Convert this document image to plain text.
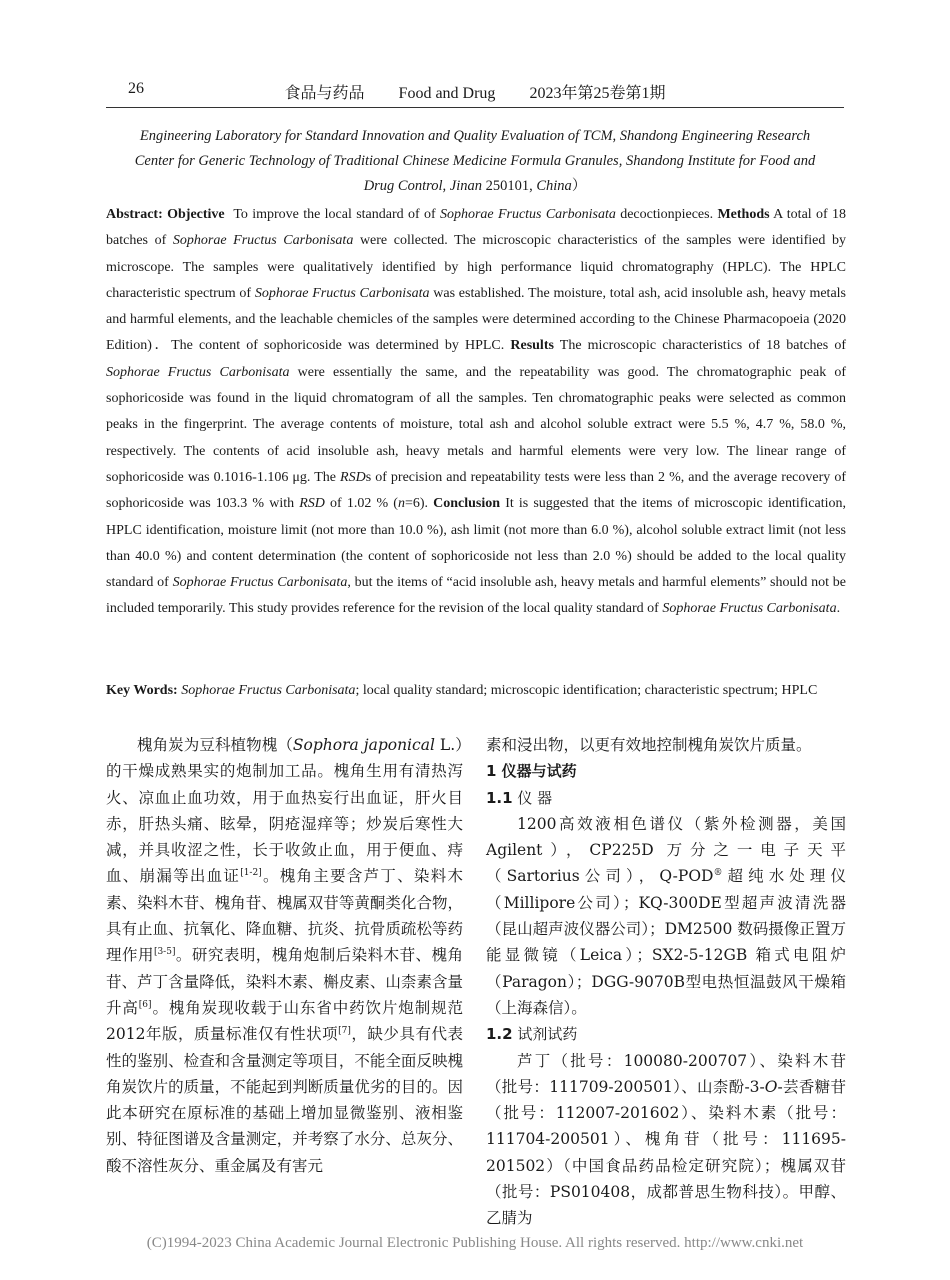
26	食品与药品 Food and Drug 2023年第25卷第1期
Engineering Laboratory for Standard Innovation and Quality Evaluation of TCM, Shandong Engineering Research
Center for Generic Technology of Traditional Chinese Medicine Formula Granules, Shandong Institute for Food and
Drug Control, Jinan 250101, China）
Abstract: Objective To improve the local standard of of Sophorae Fructus Carbonisata decoctionpieces. Methods A total of 18 batches of Sophorae Fructus Carbonisata were collected. The microscopic characteristics of the samples were identified by microscope. The samples were qualitatively identified by high performance liquid chromatography (HPLC). The HPLC characteristic spectrum of Sophorae Fructus Carbonisata was established. The moisture, total ash, acid insoluble ash, heavy metals and harmful elements, and the leachable chemicles of the samples were determined according to the Chinese Pharmacopoeia (2020 Edition)．The content of sophoricoside was determined by HPLC. Results The microscopic characteristics of 18 batches of Sophorae Fructus Carbonisata were essentially the same, and the repeatability was good. The chromatographic peak of sophoricoside was found in the liquid chromatogram of all the samples. Ten chromatographic peaks were selected as common peaks in the fingerprint. The average contents of moisture, total ash and alcohol soluble extract were 5.5 %, 4.7 %, 58.0 %, respectively. The contents of acid insoluble ash, heavy metals and harmful elements were very low. The linear range of sophoricoside was 0.1016-1.106 μg. The RSDs of precision and repeatability tests were less than 2 %, and the average recovery of sophoricoside was 103.3 % with RSD of 1.02 % (n=6). Conclusion It is suggested that the items of microscopic identification, HPLC identification, moisture limit (not more than 10.0 %), ash limit (not more than 6.0 %), alcohol soluble extract limit (not less than 40.0 %) and content determination (the content of sophoricoside not less than 2.0 %) should be added to the local quality standard of Sophorae Fructus Carbonisata, but the items of “acid insoluble ash, heavy metals and harmful elements” should not be included temporarily. This study provides reference for the revision of the local quality standard of Sophorae Fructus Carbonisata.
Key Words: Sophorae Fructus Carbonisata; local quality standard; microscopic identification; characteristic spectrum; HPLC

槐角炭为豆科植物槐（Sophora japonical L.）的干燥成熟果实的炮制加工品。槐角生用有清热泻火、凉血止血功效，用于血热妄行出血证，肝火目赤，肝热头痛、眩晕，阴疮湿痒等；炒炭后寒性大减，并具收涩之性，长于收敛止血，用于便血、痔血、崩漏等出血证[1-2]。槐角主要含芦丁、染料木素、染料木苷、槐角苷、槐属双苷等黄酮类化合物，具有止血、抗氧化、降血糖、抗炎、抗骨质疏松等药理作用[3-5]。研究表明，槐角炮制后染料木苷、槐角苷、芦丁含量降低，染料木素、槲皮素、山柰素含量升高[6]。槐角炭现收载于山东省中药饮片炮制规范2012年版，质量标准仅有性状项[7]，缺少具有代表性的鉴别、检查和含量测定等项目，不能全面反映槐角炭饮片的质量，不能起到判断质量优劣的目的。因此本研究在原标准的基础上增加显微鉴别、液相鉴别、特征图谱及含量测定，并考察了水分、总灰分、酸不溶性灰分、重金属及有害元

素和浸出物，以更有效地控制槐角炭饮片质量。

1 仪器与试药

1.1 仪 器

1200高效液相色谱仪（紫外检测器，美国Agilent），CP225D 万分之一电子天平（Sartorius公司），Q-POD®超纯水处理仪（Millipore公司）；KQ-300DE型超声波清洗器（昆山超声波仪器公司）；DM2500 数码摄像正置万能显微镜（Leica）；SX2-5-12GB 箱式电阻炉（Paragon）；DGG-9070B型电热恒温鼓风干燥箱（上海森信）。

1.2 试剂试药

芦丁（批号：100080-200707）、染料木苷（批号：111709-200501）、山柰酚-3-O-芸香糖苷（批号：112007-201602）、染料木素（批号：111704-200501）、槐角苷（批号：111695-201502）（中国食品药品检定研究院）；槐属双苷（批号：PS010408，成都普思生物科技）。甲醇、乙腈为

(C)1994-2023 China Academic Journal Electronic Publishing House. All rights reserved. http://www.cnki.net
